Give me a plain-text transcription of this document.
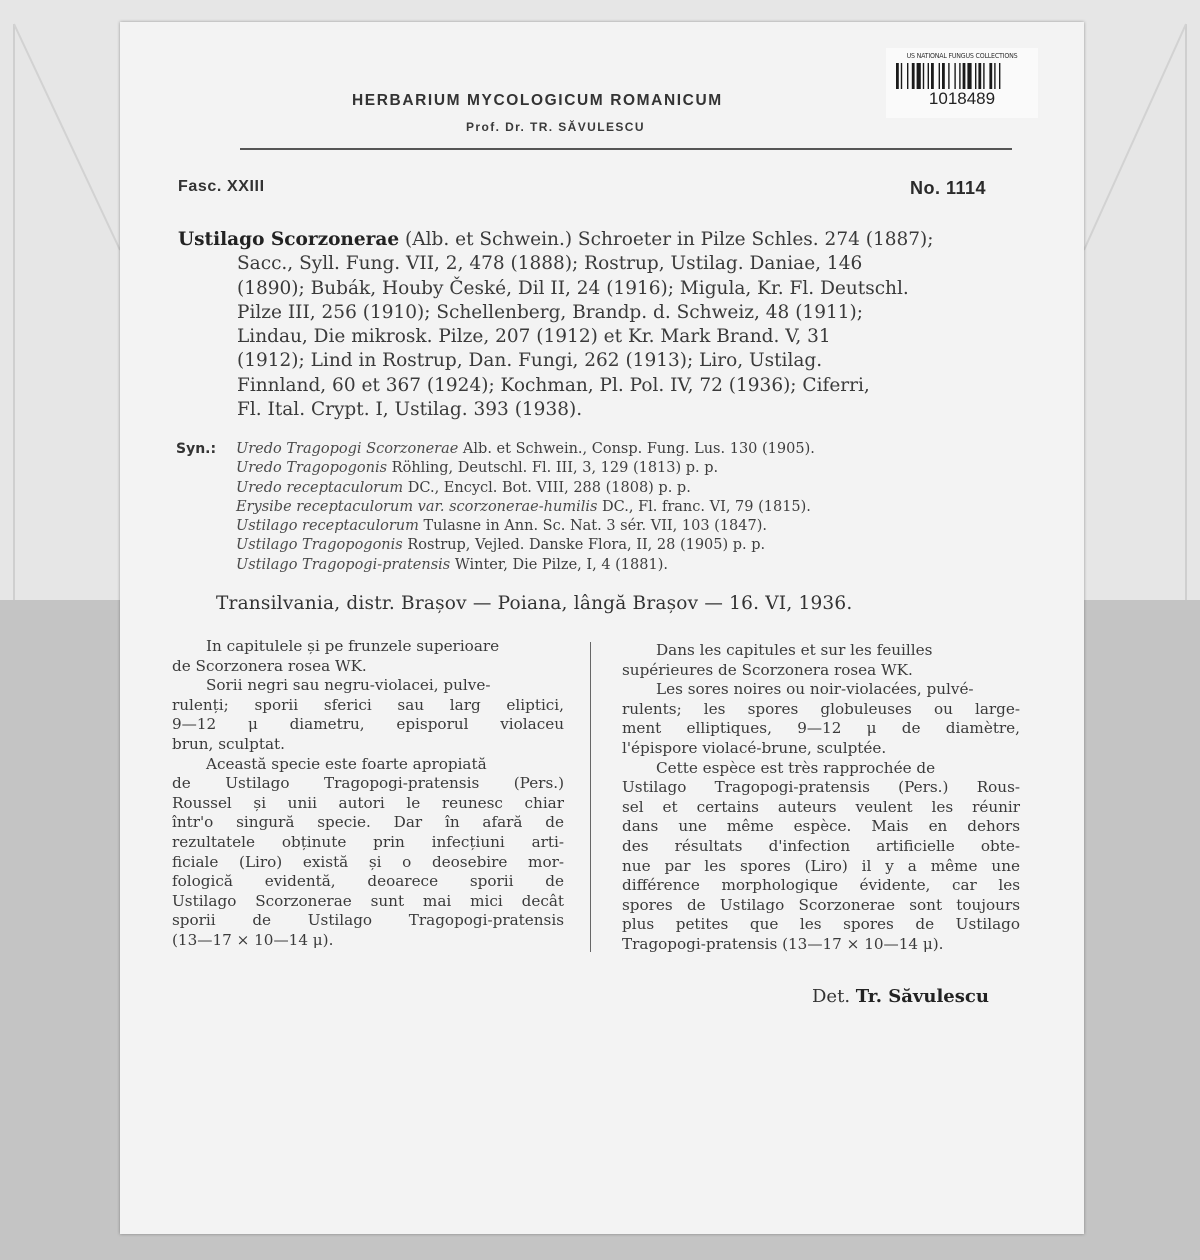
US NATIONAL FUNGUS COLLECTIONS
1018489
HERBARIUM MYCOLOGICUM ROMANICUM
Prof. Dr. TR. SĂVULESCU
Fasc. XXIII	No. 1114
Ustilago Scorzonerae (Alb. et Schwein.) Schroeter in Pilze Schles. 274 (1887);
Sacc., Syll. Fung. VII, 2, 478 (1888); Rostrup, Ustilag. Daniae, 146
(1890); Bubák, Houby České, Dil II, 24 (1916); Migula, Kr. Fl. Deutschl.
Pilze III, 256 (1910); Schellenberg, Brandp. d. Schweiz, 48 (1911);
Lindau, Die mikrosk. Pilze, 207 (1912) et Kr. Mark Brand. V, 31
(1912); Lind in Rostrup, Dan. Fungi, 262 (1913); Liro, Ustilag.
Finnland, 60 et 367 (1924); Kochman, Pl. Pol. IV, 72 (1936); Ciferri,
Fl. Ital. Crypt. I, Ustilag. 393 (1938).
Syn.: Uredo Tragopogi Scorzonerae Alb. et Schwein., Consp. Fung. Lus. 130 (1905).
Uredo Tragopogonis Röhling, Deutschl. Fl. III, 3, 129 (1813) p. p.
Uredo receptaculorum DC., Encycl. Bot. VIII, 288 (1808) p. p.
Erysibe receptaculorum var. scorzonerae-humilis DC., Fl. franc. VI, 79 (1815).
Ustilago receptaculorum Tulasne in Ann. Sc. Nat. 3 sér. VII, 103 (1847).
Ustilago Tragopogonis Rostrup, Vejled. Danske Flora, II, 28 (1905) p. p.
Ustilago Tragopogi-pratensis Winter, Die Pilze, I, 4 (1881).
Transilvania, distr. Brașov — Poiana, lângă Brașov — 16. VI, 1936.
In capitulele și pe frunzele superioare
de Scorzonera rosea WK.
Sorii negri sau negru-violacei, pulve-
rulenți; sporii sferici sau larg eliptici,
9—12 μ diametru, episporul violaceu
brun, sculptat.
Această specie este foarte apropiată
de Ustilago Tragopogi-pratensis (Pers.)
Roussel și unii autori le reunesc chiar
într'o singură specie. Dar în afară de
rezultatele obținute prin infecțiuni arti-
ficiale (Liro) există și o deosebire mor-
fologică evidentă, deoarece sporii de
Ustilago Scorzonerae sunt mai mici decât
sporii de Ustilago Tragopogi-pratensis
(13—17 × 10—14 μ).
Dans les capitules et sur les feuilles
supérieures de Scorzonera rosea WK.
Les sores noires ou noir-violacées, pulvé-
rulents; les spores globuleuses ou large-
ment elliptiques, 9—12 μ de diamètre,
l'épispore violacé-brune, sculptée.
Cette espèce est très rapprochée de
Ustilago Tragopogi-pratensis (Pers.) Rous-
sel et certains auteurs veulent les réunir
dans une même espèce. Mais en dehors
des résultats d'infection artificielle obte-
nue par les spores (Liro) il y a même une
différence morphologique évidente, car les
spores de Ustilago Scorzonerae sont toujours
plus petites que les spores de Ustilago
Tragopogi-pratensis (13—17 × 10—14 μ).
Det. Tr. Săvulescu
